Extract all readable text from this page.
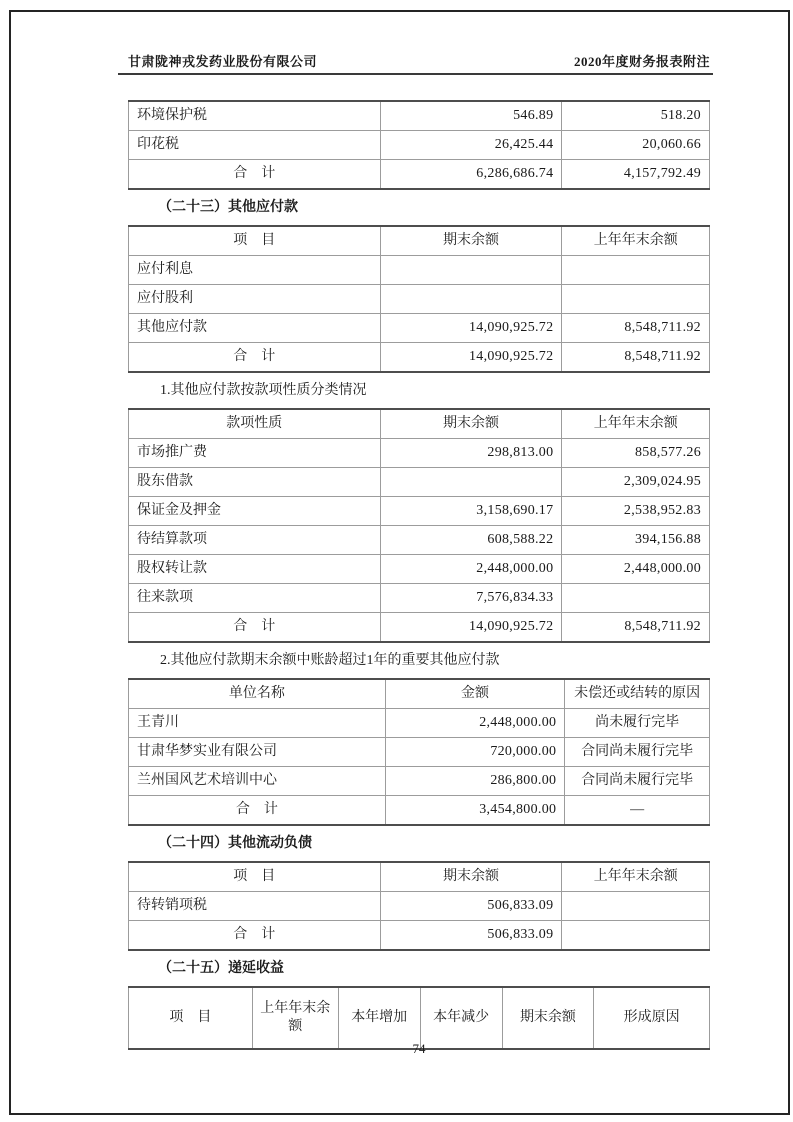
甘肃陇神戎发药业股份有限公司	2020年度财务报表附注
环境保护税	546.89	518.20
印花税	26,425.44	20,060.66
合　计	6,286,686.74	4,157,792.49
（二十三）其他应付款
项　目	期末余额	上年年末余额
应付利息		
应付股利		
其他应付款	14,090,925.72	8,548,711.92
合　计	14,090,925.72	8,548,711.92

1.其他应付款按款项性质分类情况

款项性质	期末余额	上年年末余额
市场推广费	298,813.00	858,577.26
股东借款		2,309,024.95
保证金及押金	3,158,690.17	2,538,952.83
待结算款项	608,588.22	394,156.88
股权转让款	2,448,000.00	2,448,000.00
往来款项	7,576,834.33	
合　计	14,090,925.72	8,548,711.92

2.其他应付款期末余额中账龄超过1年的重要其他应付款

单位名称	金额	未偿还或结转的原因
王青川	2,448,000.00	尚未履行完毕
甘肃华梦实业有限公司	720,000.00	合同尚未履行完毕
兰州国风艺术培训中心	286,800.00	合同尚未履行完毕
合　计	3,454,800.00	—
（二十四）其他流动负债
项　目	期末余额	上年年末余额
待转销项税	506,833.09	
合　计	506,833.09	
（二十五）递延收益
项　目	上年年末余额	本年增加	本年减少	期末余额	形成原因
74
